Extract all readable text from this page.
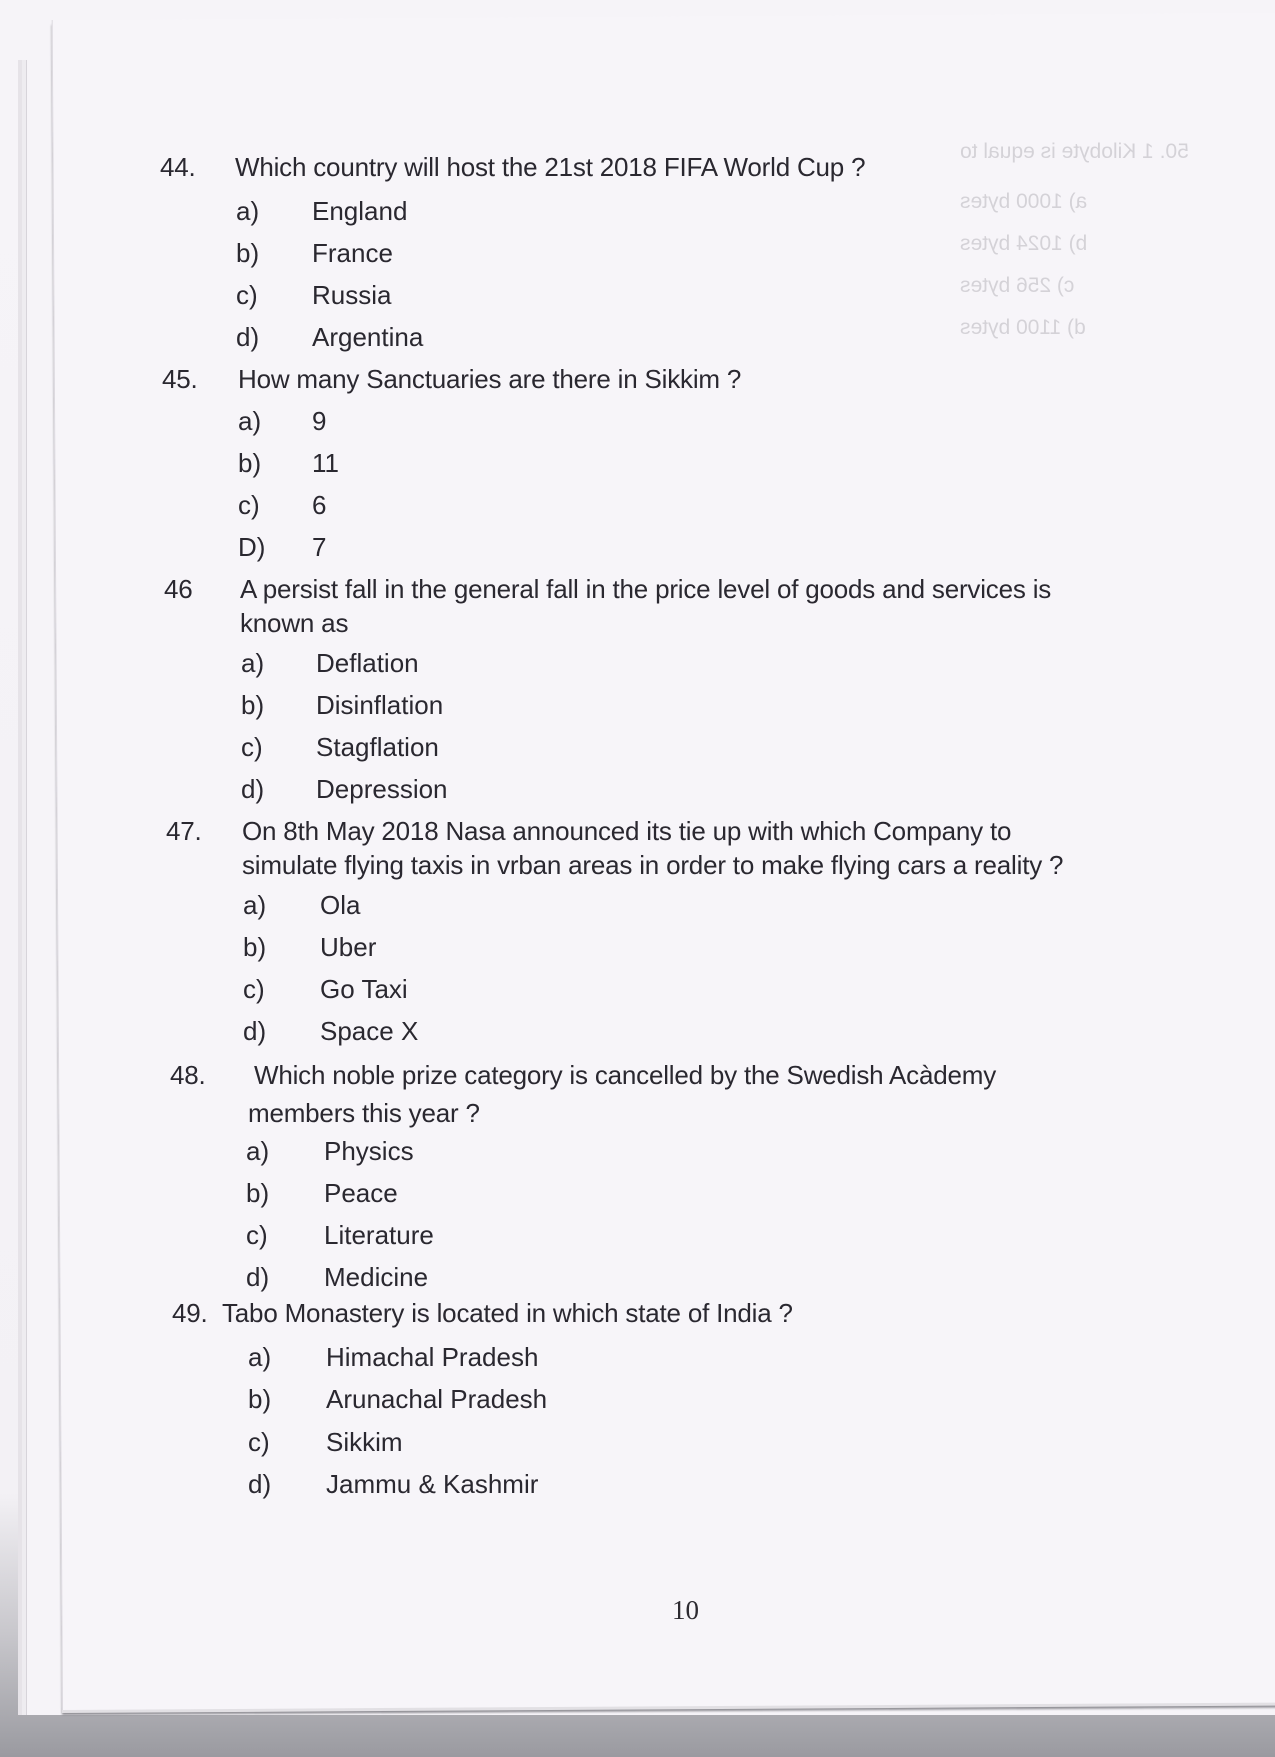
50. 1 Kilobyte is equal to
a) 1000 bytes
b) 1024 bytes
c) 256 bytes
d) 1100 bytes
44. Which country will host the 21st 2018 FIFA World Cup ?
a) England
b) France
c) Russia
d) Argentina
45. How many Sanctuaries are there in Sikkim ?
a) 9
b) 11
c) 6
D) 7
46 A persist fall in the general fall in the price level of goods and services is
known as
a) Deflation
b) Disinflation
c) Stagflation
d) Depression
47. On 8th May 2018 Nasa announced its tie up with which Company to
simulate flying taxis in vrban areas in order to make flying cars a reality ?
a) Ola
b) Uber
c) Go Taxi
d) Space X
48. Which noble prize category is cancelled by the Swedish Acàdemy
members this year ?
a) Physics
b) Peace
c) Literature
d) Medicine
49. Tabo Monastery is located in which state of India ?
a) Himachal Pradesh
b) Arunachal Pradesh
c) Sikkim
d) Jammu & Kashmir
10
